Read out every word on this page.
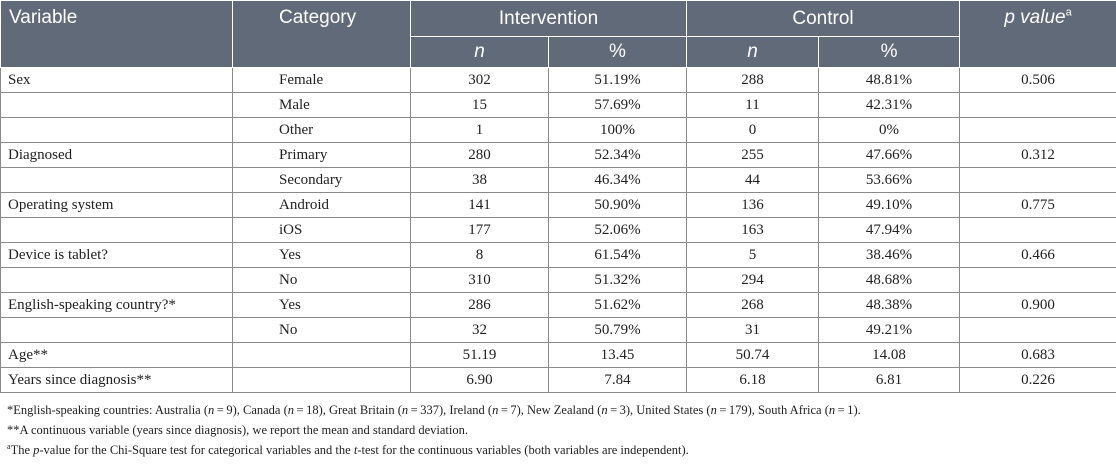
Variable	Category	Intervention		Control		p value$^a$
		n	%	n	%	
Sex	Female	302	51.19%	288	48.81%	0.506
	Male	15	57.69%	11	42.31%	
	Other	1	100%	0	0%	
Diagnosed	Primary	280	52.34%	255	47.66%	0.312
	Secondary	38	46.34%	44	53.66%	
Operating system	Android	141	50.90%	136	49.10%	0.775
	iOS	177	52.06%	163	47.94%	
Device is tablet?	Yes	8	61.54%	5	38.46%	0.466
	No	310	51.32%	294	48.68%	
English-speaking country?*	Yes	286	51.62%	268	48.38%	0.900
	No	32	50.79%	31	49.21%	
Age**		51.19	13.45	50.74	14.08	0.683
Years since diagnosis**		6.90	7.84	6.18	6.81	0.226
*English-speaking countries: Australia (n = 9), Canada (n = 18), Great Britain (n = 337), Ireland (n = 7), New Zealand (n = 3), United States (n = 179), South Africa (n = 1).
**A continuous variable (years since diagnosis), we report the mean and standard deviation.
$^a$The p-value for the Chi-Square test for categorical variables and the t-test for the continuous variables (both variables are independent).
